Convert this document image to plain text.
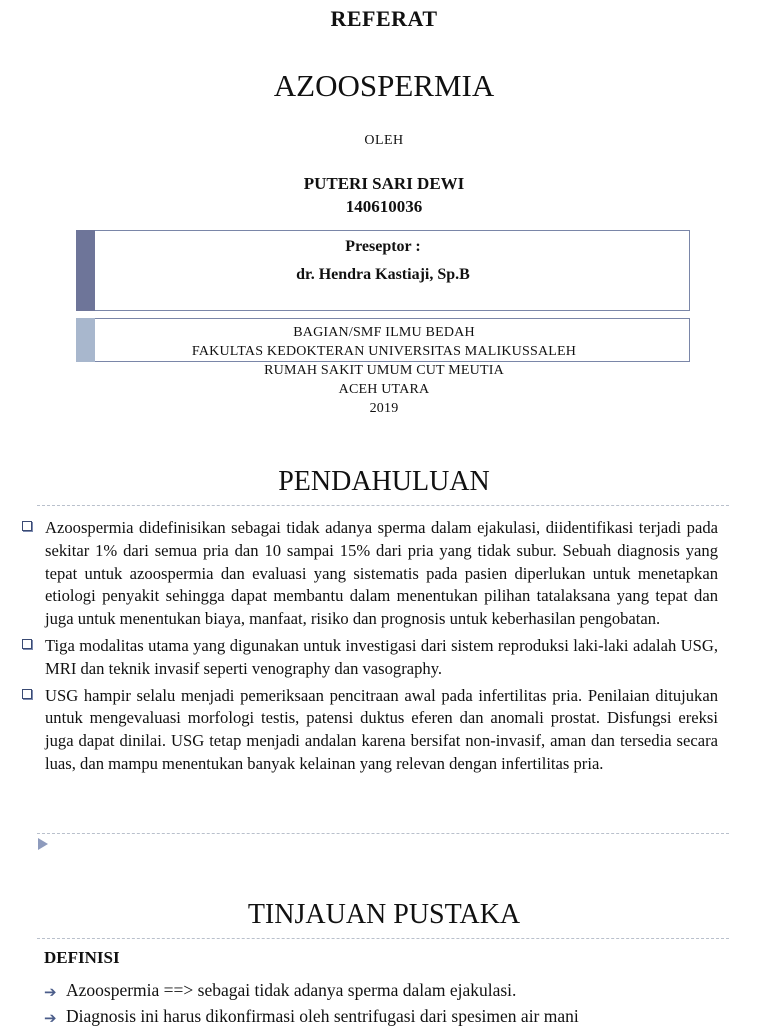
REFERAT
AZOOSPERMIA
OLEH
PUTERI SARI DEWI
140610036
Preseptor :
dr. Hendra Kastiaji, Sp.B
BAGIAN/SMF ILMU BEDAH
FAKULTAS KEDOKTERAN UNIVERSITAS MALIKUSSALEH
RUMAH SAKIT UMUM CUT MEUTIA
ACEH UTARA
2019
PENDAHULUAN
Azoospermia didefinisikan sebagai tidak adanya sperma dalam ejakulasi, diidentifikasi terjadi pada sekitar 1% dari semua pria dan 10 sampai 15% dari pria yang tidak subur. Sebuah diagnosis yang tepat untuk azoospermia dan evaluasi yang sistematis pada pasien diperlukan untuk menetapkan etiologi penyakit sehingga dapat membantu dalam menentukan pilihan tatalaksana yang tepat dan juga untuk menentukan biaya, manfaat, risiko dan prognosis untuk keberhasilan pengobatan.
Tiga modalitas utama yang digunakan untuk investigasi dari sistem reproduksi laki-laki adalah USG, MRI dan teknik invasif seperti venography dan vasography.
USG hampir selalu menjadi pemeriksaan pencitraan awal pada infertilitas pria. Penilaian ditujukan untuk mengevaluasi morfologi testis, patensi duktus eferen dan anomali prostat. Disfungsi ereksi juga dapat dinilai. USG tetap menjadi andalan karena bersifat non-invasif, aman dan tersedia secara luas, dan mampu menentukan banyak kelainan yang relevan dengan infertilitas pria.
TINJAUAN PUSTAKA
DEFINISI
➔ Azoospermia ==> sebagai tidak adanya sperma dalam ejakulasi.
➔ Diagnosis ini harus dikonfirmasi oleh sentrifugasi dari spesimen air mani
